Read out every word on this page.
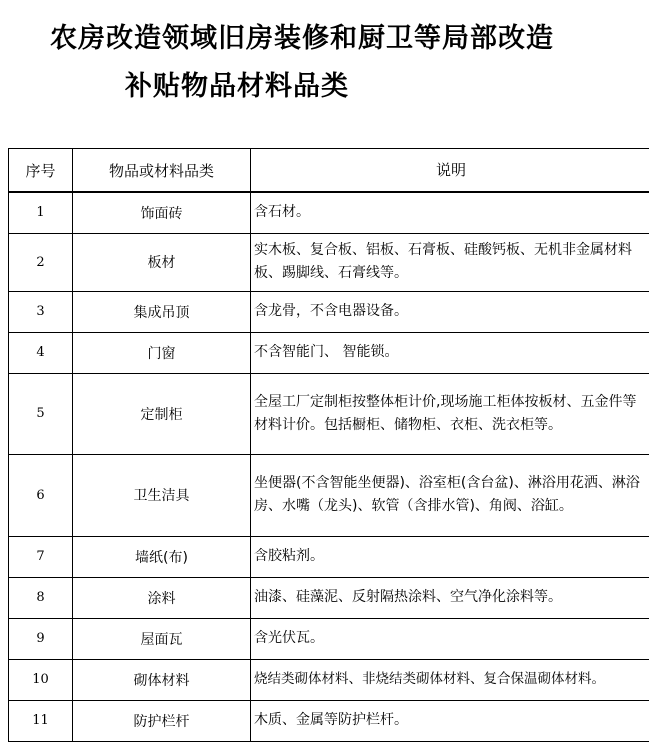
农房改造领域旧房装修和厨卫等局部改造
补贴物品材料品类
序号	物品或材料品类	说明
1	饰面砖	含石材。
2	板材	实木板、复合板、铝板、石膏板、硅酸钙板、无机非金属材料板、踢脚线、石膏线等。
3	集成吊顶	含龙骨，不含电器设备。
4	门窗	不含智能门、 智能锁。
5	定制柜	全屋工厂定制柜按整体柜计价,现场施工柜体按板材、五金件等材料计价。包括橱柜、储物柜、衣柜、洗衣柜等。
6	卫生洁具	坐便器(不含智能坐便器)、浴室柜(含台盆)、淋浴用花洒、淋浴房、水嘴（龙头)、软管（含排水管)、角阀、浴缸。
7	墙纸(布)	含胶粘剂。
8	涂料	油漆、硅藻泥、反射隔热涂料、空气净化涂料等。
9	屋面瓦	含光伏瓦。
10	砌体材料	烧结类砌体材料、非烧结类砌体材料、复合保温砌体材料。
11	防护栏杆	木质、金属等防护栏杆。
